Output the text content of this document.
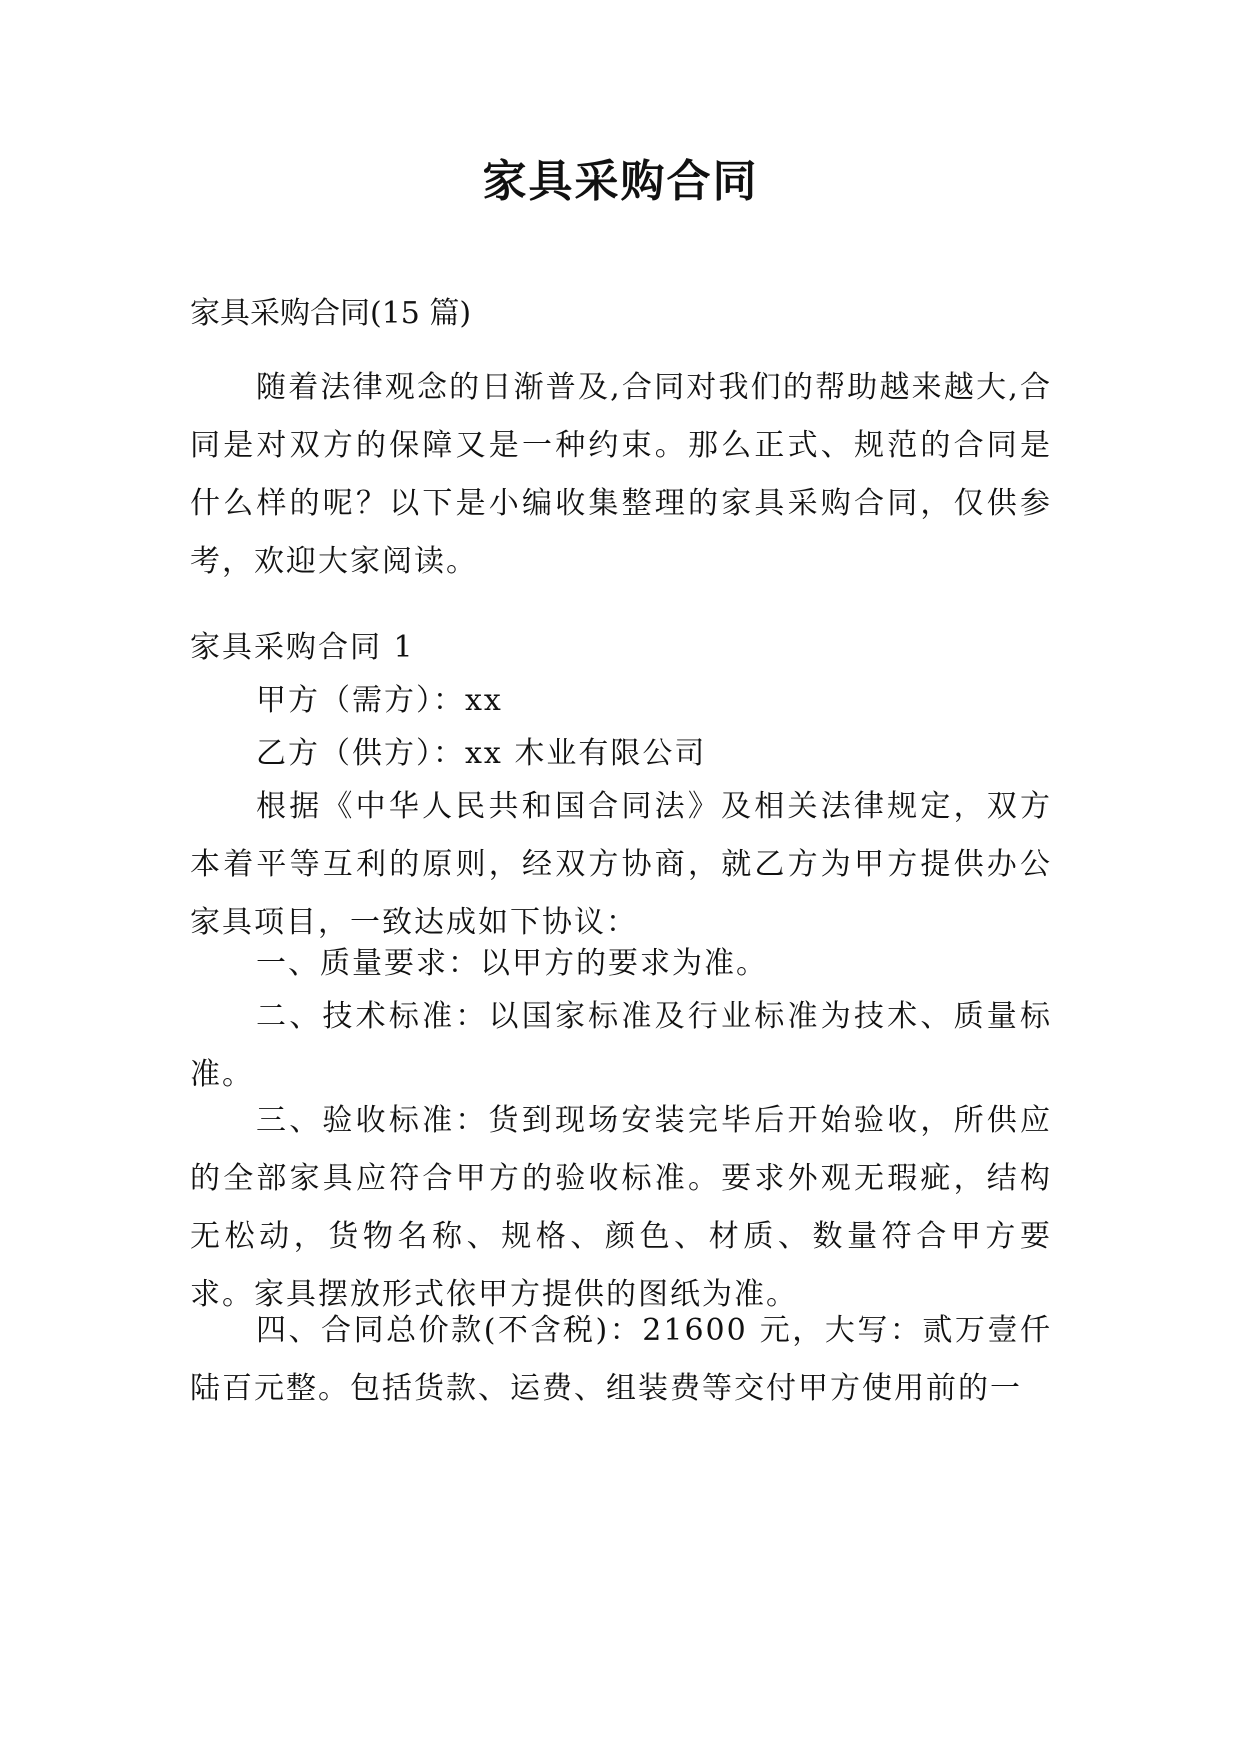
家具采购合同

家具采购合同(15 篇)

随着法律观念的日渐普及,合同对我们的帮助越来越大,合同是对双方的保障又是一种约束。那么正式、规范的合同是什么样的呢？以下是小编收集整理的家具采购合同，仅供参考，欢迎大家阅读。

家具采购合同 1

甲方（需方）：xx

乙方（供方）：xx 木业有限公司

根据《中华人民共和国合同法》及相关法律规定，双方本着平等互利的原则，经双方协商，就乙方为甲方提供办公家具项目，一致达成如下协议：

一、质量要求：以甲方的要求为准。

二、技术标准：以国家标准及行业标准为技术、质量标准。

三、验收标准：货到现场安装完毕后开始验收，所供应的全部家具应符合甲方的验收标准。要求外观无瑕疵，结构无松动，货物名称、规格、颜色、材质、数量符合甲方要求。家具摆放形式依甲方提供的图纸为准。

四、合同总价款(不含税)：21600 元，大写：贰万壹仟陆百元整。包括货款、运费、组装费等交付甲方使用前的一
